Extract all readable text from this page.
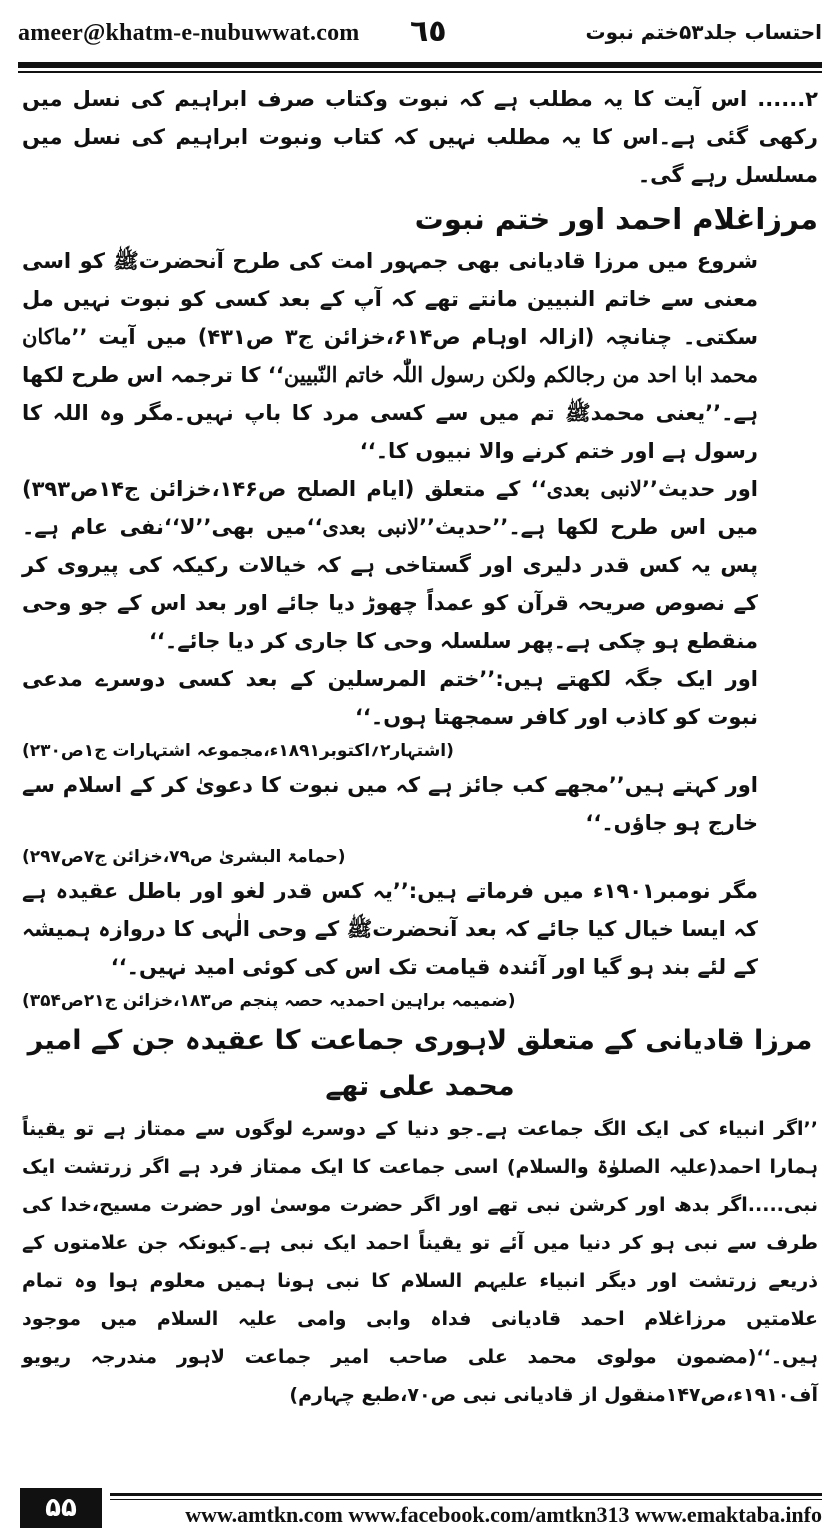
ameer@khatm-e-nubuwwat.com ٦٥	احتساب جلد۵۳ختم نبوت

۲...... اس آیت کا یہ مطلب ہے کہ نبوت وکتاب صرف ابراہیم کی نسل میں رکھی گئی ہے۔اس کا یہ مطلب نہیں کہ کتاب ونبوت ابراہیم کی نسل میں مسلسل رہے گی۔

مرزاغلام احمد اور ختم نبوت

شروع میں مرزا قادیانی بھی جمہور امت کی طرح آنحضرتﷺ کو اسی معنی سے خاتم النبیین مانتے تھے کہ آپ کے بعد کسی کو نبوت نہیں مل سکتی۔ چنانچہ (ازالہ اوہام ص۶۱۴،خزائن ج۳ ص۴۳۱) میں آیت ’’ماکان محمد ابا احد من رجالکم ولکن رسول اللّٰہ خاتم النّبیین‘‘ کا ترجمہ اس طرح لکھا ہے۔’’یعنی محمدﷺ تم میں سے کسی مرد کا باپ نہیں۔مگر وہ اللہ کا رسول ہے اور ختم کرنے والا نبیوں کا۔‘‘

اور حدیث’’لانبی بعدی‘‘ کے متعلق (ایام الصلح ص۱۴۶،خزائن ج۱۴ص۳۹۳) میں اس طرح لکھا ہے۔’’حدیث’’لانبی بعدی‘‘میں بھی’’لا‘‘نفی عام ہے۔پس یہ کس قدر دلیری اور گستاخی ہے کہ خیالات رکیکہ کی پیروی کر کے نصوص صریحہ قرآن کو عمداً چھوڑ دیا جائے اور بعد اس کے جو وحی منقطع ہو چکی ہے۔پھر سلسلہ وحی کا جاری کر دیا جائے۔‘‘

اور ایک جگہ لکھتے ہیں:’’ختم المرسلین کے بعد کسی دوسرے مدعی نبوت کو کاذب اور کافر سمجھتا ہوں۔‘‘

(اشتہار۲؍اکتوبر۱۸۹۱ء،مجموعہ اشتہارات ج۱ص۲۳۰)

اور کہتے ہیں’’مجھے کب جائز ہے کہ میں نبوت کا دعویٰ کر کے اسلام سے خارج ہو جاؤں۔‘‘

(حمامۃ البشریٰ ص۷۹،خزائن ج۷ص۲۹۷)

مگر نومبر۱۹۰۱ء میں فرماتے ہیں:’’یہ کس قدر لغو اور باطل عقیدہ ہے کہ ایسا خیال کیا جائے کہ بعد آنحضرتﷺ کے وحی الٰہی کا دروازہ ہمیشہ کے لئے بند ہو گیا اور آئندہ قیامت تک اس کی کوئی امید نہیں۔‘‘

(ضمیمہ براہین احمدیہ حصہ پنجم ص۱۸۳،خزائن ج۲۱ص۳۵۴)

مرزا قادیانی کے متعلق لاہوری جماعت کا عقیدہ جن کے امیر محمد علی تھے

’’اگر انبیاء کی ایک الگ جماعت ہے۔جو دنیا کے دوسرے لوگوں سے ممتاز ہے تو یقیناً ہمارا احمد(علیہ الصلوٰۃ والسلام) اسی جماعت کا ایک ممتاز فرد ہے اگر زرتشت ایک نبی.....اگر بدھ اور کرشن نبی تھے اور اگر حضرت موسیٰ اور حضرت مسیح،خدا کی طرف سے نبی ہو کر دنیا میں آئے تو یقیناً احمد ایک نبی ہے۔کیونکہ جن علامتوں کے ذریعے زرتشت اور دیگر انبیاء علیہم السلام کا نبی ہونا ہمیں معلوم ہوا وہ تمام علامتیں مرزاغلام احمد قادیانی فداہ وابی وامی علیہ السلام میں موجود ہیں۔‘‘(مضمون مولوی محمد علی صاحب امیر جماعت لاہور مندرجہ ریویو آف۱۹۱۰ء،ص۱۴۷منقول از قادیانی نبی ص۷۰،طبع چہارم)

۵۵	www.amtkn.com www.facebook.com/amtkn313 www.emaktaba.info
